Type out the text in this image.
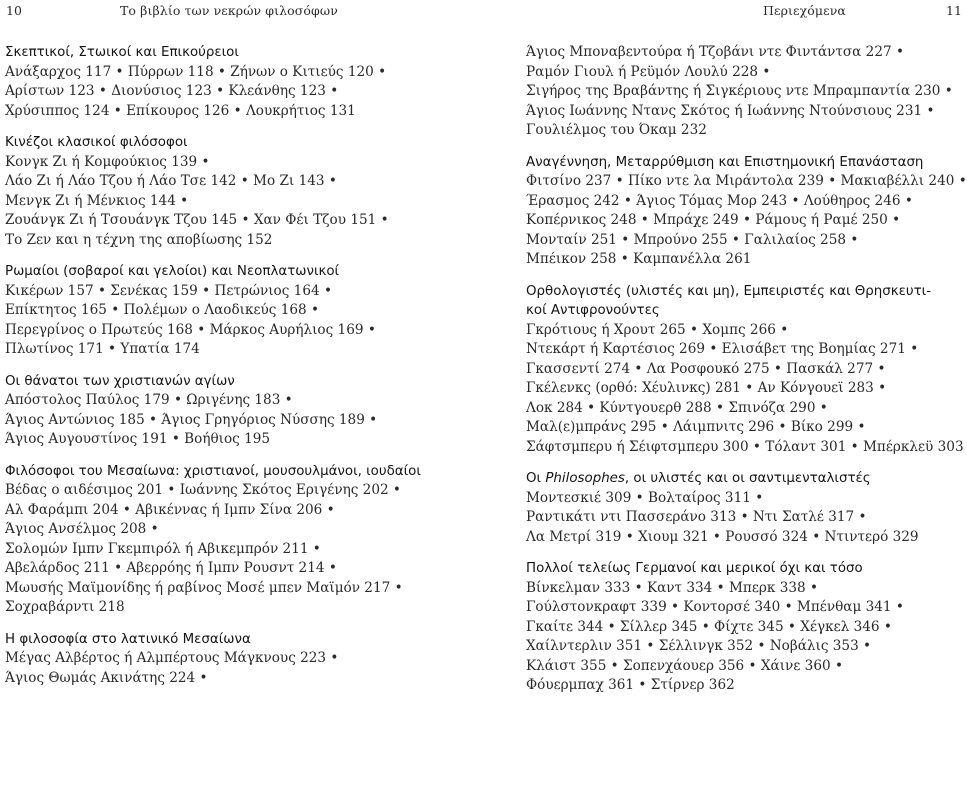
10	Το βιβλίο των νεκρών φιλοσόφων
Σκεπτικοί, Στωικοί και Επικούρειοι
Ανάξαρχος 117 • Πύρρων 118 • Ζήνων ο Κιτιεύς 120 •
Αρίστων 123 • Διονύσιος 123 • Κλεάνθης 123 •
Χρύσιππος 124 • Επίκουρος 126 • Λουκρήτιος 131
Κινέζοι κλασικοί φιλόσοφοι
Κονγκ Ζι ή Κομφούκιος 139 •
Λάο Ζι ή Λάο Τζου ή Λάο Τσε 142 • Μο Ζι 143 •
Μενγκ Ζι ή Μένκιος 144 •
Ζουάνγκ Ζι ή Τσουάνγκ Τζου 145 • Χαν Φέι Τζου 151 •
Το Ζεν και η τέχνη της αποβίωσης 152
Ρωμαίοι (σοβαροί και γελοίοι) και Νεοπλατωνικοί
Κικέρων 157 • Σενέκας 159 • Πετρώνιος 164 •
Επίκτητος 165 • Πολέμων ο Λαοδικεύς 168 •
Περεγρίνος ο Πρωτεύς 168 • Μάρκος Αυρήλιος 169 •
Πλωτίνος 171 • Υπατία 174
Οι θάνατοι των χριστιανών αγίων
Απόστολος Παύλος 179 • Ωριγένης 183 •
Άγιος Αντώνιος 185 • Άγιος Γρηγόριος Νύσσης 189 •
Άγιος Αυγουστίνος 191 • Βοήθιος 195
Φιλόσοφοι του Μεσαίωνα: χριστιανοί, μουσουλμάνοι, ιουδαίοι
Βέδας ο αιδέσιμος 201 • Ιωάννης Σκότος Εριγένης 202 •
Αλ Φαράμπι 204 • Αβικέννας ή Ιμπν Σίνα 206 •
Άγιος Ανσέλμος 208 •
Σολομών Ιμπν Γκεμπιρόλ ή Αβικεμπρόν 211 •
Αβελάρδος 211 • Αβερρόης ή Ιμπν Ρουσντ 214 •
Μωυσής Μαϊμονίδης ή ραβίνος Μοσέ μπεν Μαϊμόν 217 •
Σοχραβάρντι 218
Η φιλοσοφία στο λατινικό Μεσαίωνα
Μέγας Αλβέρτος ή Αλμπέρτους Μάγκνους 223 •
Άγιος Θωμάς Ακινάτης 224 •
Περιεχόμενα	11
Άγιος Μποναβεντούρα ή Τζοβάνι ντε Φιντάντσα 227 •
Ραμόν Γιουλ ή Ρεϋμόν Λουλύ 228 •
Σιγήρος της Βραβάντης ή Σιγκέριους ντε Μπραμπαντία 230 •
Άγιος Ιωάννης Ντανς Σκότος ή Ιωάννης Ντούνσιους 231 •
Γουλιέλμος του Όκαμ 232
Αναγέννηση, Μεταρρύθμιση και Επιστημονική Επανάσταση
Φιτσίνο 237 • Πίκο ντε λα Μιράντολα 239 • Μακιαβέλλι 240 •
Έρασμος 242 • Άγιος Τόμας Μορ 243 • Λούθηρος 246 •
Κοπέρνικος 248 • Μπράχε 249 • Ράμους ή Ραμέ 250 •
Μονταίν 251 • Μπρούνο 255 • Γαλιλαίος 258 •
Μπέικον 258 • Καμπανέλλα 261
Ορθολογιστές (υλιστές και μη), Εμπειριστές και Θρησκευτι-
κοί Αντιφρονούντες
Γκρότιους ή Χρουτ 265 • Χομπς 266 •
Ντεκάρτ ή Καρτέσιος 269 • Ελισάβετ της Βοημίας 271 •
Γκασσεντί 274 • Λα Ροσφουκό 275 • Πασκάλ 277 •
Γκέλενκς (ορθό: Χέυλινκς) 281 • Αν Κόνγουεϊ 283 •
Λοκ 284 • Κύντγουερθ 288 • Σπινόζα 290 •
Μαλ(ε)μπράνς 295 • Λάιμπνιτς 296 • Βίκο 299 •
Σάφτσμπερυ ή Σέιφτσμπερυ 300 • Τόλαντ 301 • Μπέρκλεϋ 303
Οι Philosophes, οι υλιστές και οι σαντιμενταλιστές
Μοντεσκιέ 309 • Βολταίρος 311 •
Ραντικάτι ντι Πασσεράνο 313 • Ντι Σατλέ 317 •
Λα Μετρί 319 • Χιουμ 321 • Ρουσσό 324 • Ντιντερό 329
Πολλοί τελείως Γερμανοί και μερικοί όχι και τόσο
Βίνκελμαν 333 • Καντ 334 • Μπερκ 338 •
Γούλστονκραφτ 339 • Κοντορσέ 340 • Μπένθαμ 341 •
Γκαίτε 344 • Σίλλερ 345 • Φίχτε 345 • Χέγκελ 346 •
Χαίλντερλιν 351 • Σέλλινγκ 352 • Νοβάλις 353 •
Κλάιστ 355 • Σοπενχάουερ 356 • Χάινε 360 •
Φόυερμπαχ 361 • Στίρνερ 362
